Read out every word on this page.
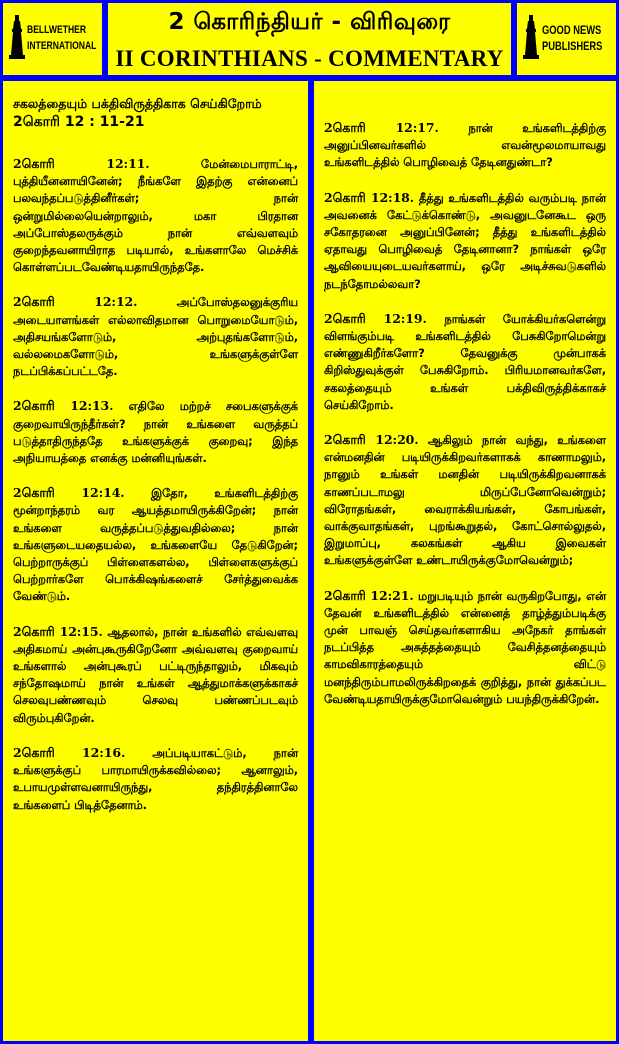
BELLWETHER
INTERNATIONAL
2 கொரிந்தியர் - விரிவுரை
II CORINTHIANS - COMMENTARY
GOOD NEWS
PUBLISHERS
சகலத்தையும் பக்திவிருத்திகாக செய்கிறோம்
2கொரி 12 : 11-21

2கொரி 12:11.	மேன்மைபாராட்டி, புத்தியீனனாயினேன்; நீங்களே இதற்கு என்னைப் பலவந்தப்படுத்தினீர்கள்; நான் ஒன்றுமில்லையென்றாலும், மகா பிரதான அப்போஸ்தலருக்கும் நான் எவ்வளவும் குறைந்தவனாயிராத படியால், உங்களாலே மெச்சிக் கொள்ளப்படவேண்டியதாயிருந்ததே.

2கொரி 12:12.	அப்போஸ்தலனுக்குரிய அடையாளங்கள் எல்லாவிதமான பொறுமையோடும், அதிசயங்களோடும், அற்புதங்களோடும், வல்லமைகளோடும், உங்களுக்குள்ளே நடப்பிக்கப்பட்டதே.

2கொரி 12:13. எதிலே மற்றச் சபைகளுக்குக் குறைவாயிருந்தீர்கள்? நான் உங்களை வருத்தப் படுத்தாதிருந்ததே உங்களுக்குக் குறைவு; இந்த அநியாயத்தை எனக்கு மன்னியுங்கள்.

2கொரி 12:14. இதோ, உங்களிடத்திற்கு மூன்றாந்தரம் வர ஆயத்தமாயிருக்கிறேன்; நான் உங்களை வருத்தப்படுத்துவதில்லை; நான் உங்களுடையதையல்ல, உங்களையே தேடுகிறேன்; பெற்றாருக்குப் பிள்ளைகளல்ல, பிள்ளைகளுக்குப் பெற்றார்களே பொக்கிஷங்களைச் சேர்த்துவைக்க வேண்டும்.

2கொரி 12:15. ஆதலால், நான் உங்களில் எவ்வளவு அதிகமாய் அன்புகூருகிறேனோ அவ்வளவு குறைவாய் உங்களால் அன்புகூரப் பட்டிருந்தாலும், மிகவும் சந்தோஷமாய் நான் உங்கள் ஆத்துமாக்களுக்காகச் செலவுபண்ணவும் செலவு பண்ணப்படவும் விரும்புகிறேன்.

2கொரி 12:16. அப்படியாகட்டும், நான் உங்களுக்குப் பாரமாயிருக்கவில்லை; ஆனாலும், உபாயமுள்ளவனாயிருந்து, தந்திரத்தினாலே உங்களைப் பிடித்தேனாம்.

2கொரி 12:17.	நான் உங்களிடத்திற்கு அனுப்பினவர்களில் எவன்மூலமாயாவது உங்களிடத்தில் பொழிவைத் தேடினதுண்டா?

2கொரி 12:18. தீத்து உங்களிடத்தில் வரும்படி நான் அவனைக் கேட்டுக்கொண்டு, அவனுடனேகூட ஒரு சகோதரனை அனுப்பினேன்; தீத்து உங்களிடத்தில் ஏதாவது பொழிவைத் தேடினானா? நாங்கள் ஒரே ஆவியையுடையவர்களாய், ஒரே அடிச்சுவடுகளில் நடந்தோமல்லவா?

2கொரி 12:19. நாங்கள் யோக்கியர்களென்று விளங்கும்படி உங்களிடத்தில் பேசுகிறோமென்று எண்ணுகிறீர்களோ? தேவனுக்கு முன்பாகக் கிறிஸ்துவுக்குள் பேசுகிறோம். பிரியமானவர்களே, சகலத்தையும் உங்கள் பக்திவிருத்திக்காகச் செய்கிறோம்.

2கொரி 12:20. ஆகிலும் நான் வந்து, உங்களை என்மனதின் படியிருக்கிறவர்களாகக் காணாமலும், நானும் உங்கள் மனதின் படியிருக்கிறவனாகக் காணப்படாமலு மிருப்பேனோவென்றும்; விரோதங்கள், வைராக்கியங்கள், கோபங்கள், வாக்குவாதங்கள், புறங்கூறுதல், கோட்சொல்லுதல், இறுமாப்பு, கலகங்கள் ஆகிய இவைகள் உங்களுக்குள்ளே உண்டாயிருக்குமோவென்றும்;

2கொரி 12:21. மறுபடியும் நான் வருகிறபோது, என் தேவன் உங்களிடத்தில் என்னைத் தாழ்த்தும்படிக்கு முன் பாவஞ் செய்தவர்களாகிய அநேகர் தாங்கள் நடப்பித்த அசுத்தத்தையும் வேசித்தனத்தையும் காமவிகாரத்தையும் விட்டு மனந்திரும்பாமலிருக்கிறதைக் குறித்து, நான் துக்கப்பட வேண்டியதாயிருக்குமோவென்றும் பயந்திருக்கிறேன்.
